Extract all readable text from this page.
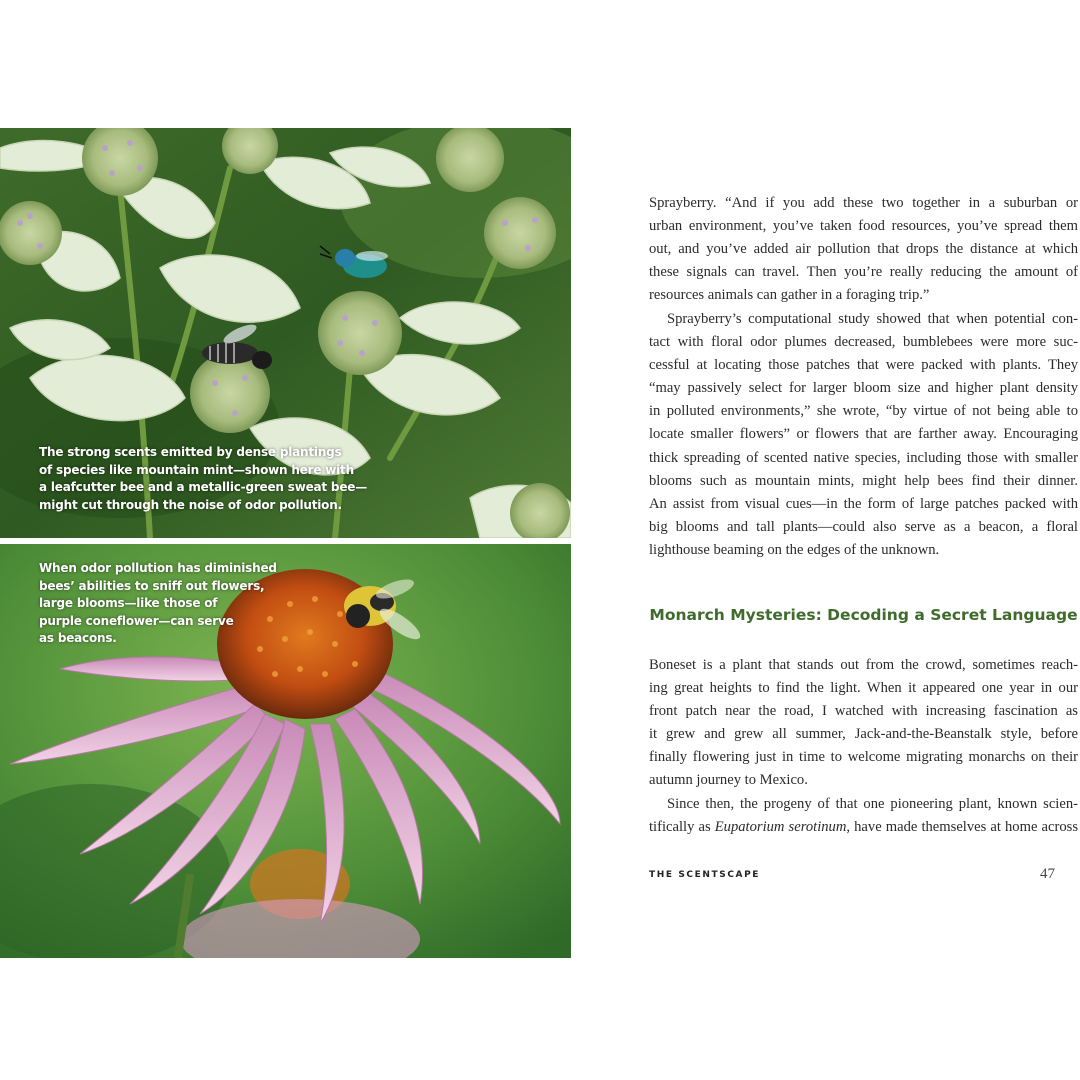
The strong scents emitted by dense plantings
of species like mountain mint—shown here with
a leafcutter bee and a metallic-green sweat bee—
might cut through the noise of odor pollution.
When odor pollution has diminished
bees’ abilities to sniff out flowers,
large blooms—like those of
purple coneflower—can serve
as beacons.
Sprayberry. “And if you add these two together in a suburban or
urban environment, you’ve taken food resources, you’ve spread them
out, and you’ve added air pollution that drops the distance at which
these signals can travel. Then you’re really reducing the amount of
resources animals can gather in a foraging trip.”
Sprayberry’s computational study showed that when potential con-
tact with floral odor plumes decreased, bumblebees were more suc-
cessful at locating those patches that were packed with plants. They
“may passively select for larger bloom size and higher plant density
in polluted environments,” she wrote, “by virtue of not being able to
locate smaller flowers” or flowers that are farther away. Encouraging
thick spreading of scented native species, including those with smaller
blooms such as mountain mints, might help bees find their dinner.
An assist from visual cues—in the form of large patches packed with
big blooms and tall plants—could also serve as a beacon, a floral
lighthouse beaming on the edges of the unknown.
Monarch Mysteries: Decoding a Secret Language
Boneset is a plant that stands out from the crowd, sometimes reach-
ing great heights to find the light. When it appeared one year in our
front patch near the road, I watched with increasing fascination as
it grew and grew all summer, Jack-and-the-Beanstalk style, before
finally flowering just in time to welcome migrating monarchs on their
autumn journey to Mexico.
Since then, the progeny of that one pioneering plant, known scien-
tifically as Eupatorium serotinum, have made themselves at home across
THE SCENTSCAPE	47
